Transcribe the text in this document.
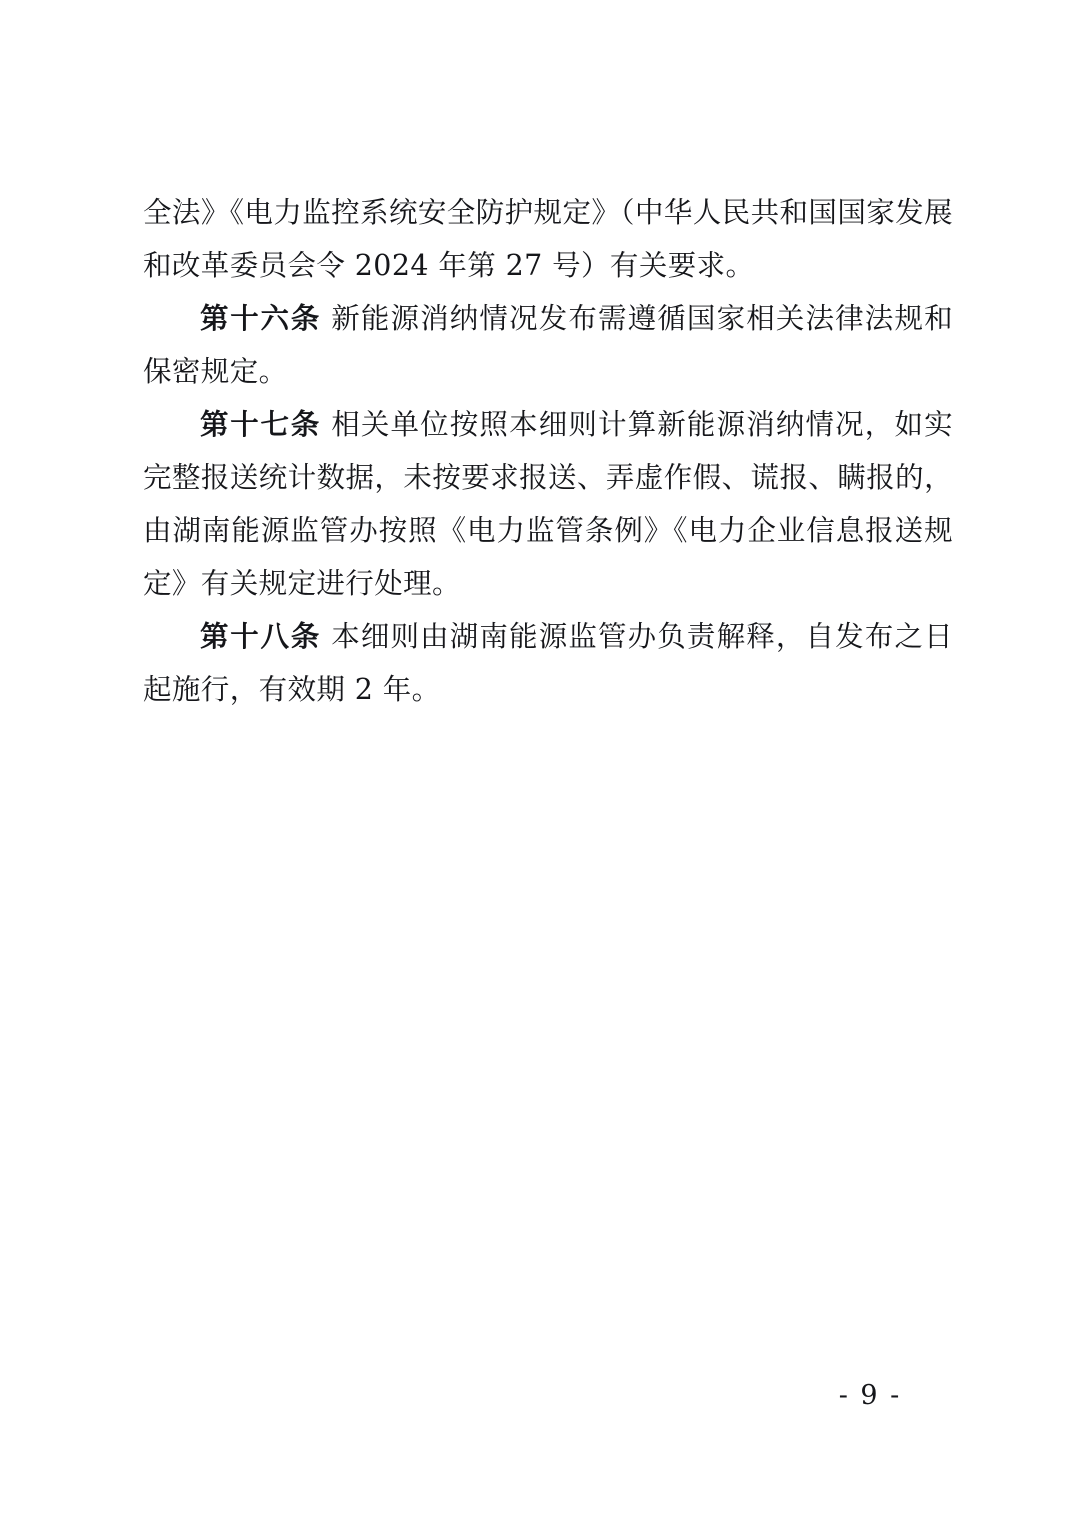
全法》《电力监控系统安全防护规定》（中华人民共和国国家发展和改革委员会令 2024 年第 27 号）有关要求。

第十六条 新能源消纳情况发布需遵循国家相关法律法规和保密规定。

第十七条 相关单位按照本细则计算新能源消纳情况，如实完整报送统计数据，未按要求报送、弄虚作假、谎报、瞒报的，由湖南能源监管办按照《电力监管条例》《电力企业信息报送规定》有关规定进行处理。

第十八条 本细则由湖南能源监管办负责解释，自发布之日起施行，有效期 2 年。

- 9 -
